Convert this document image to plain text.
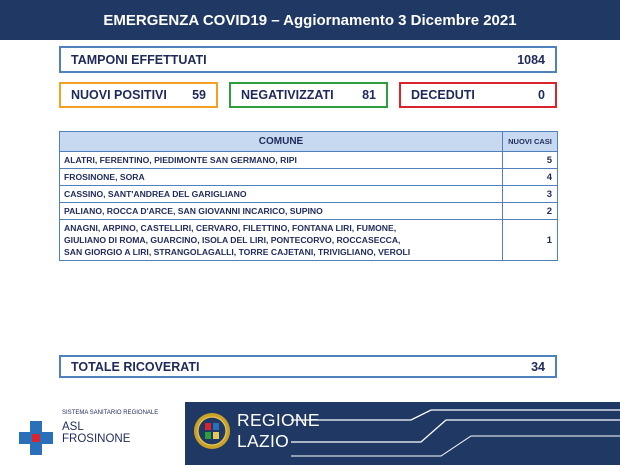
EMERGENZA COVID19 – Aggiornamento 3 Dicembre 2021
TAMPONI EFFETTUATI	1084
NUOVI POSITIVI 59	NEGATIVIZZATI 81	DECEDUTI	0
COMUNE	NUOVI CASI
ALATRI, FERENTINO, PIEDIMONTE SAN GERMANO, RIPI	5
FROSINONE, SORA	4
CASSINO, SANT'ANDREA DEL GARIGLIANO	3
PALIANO, ROCCA D'ARCE, SAN GIOVANNI INCARICO, SUPINO	2

ANAGNI, ARPINO, CASTELLIRI, CERVARO, FILETTINO, FONTANA LIRI, FUMONE,
GIULIANO DI ROMA, GUARCINO, ISOLA DEL LIRI, PONTECORVO, ROCCASECCA,
SAN GIORGIO A LIRI, STRANGOLAGALLI, TORRE CAJETANI, TRIVIGLIANO, VEROLI	1
TOTALE RICOVERATI	34
SISTEMA SANITARIO REGIONALE
ASL
FROSINONE
REGIONE
LAZIO
